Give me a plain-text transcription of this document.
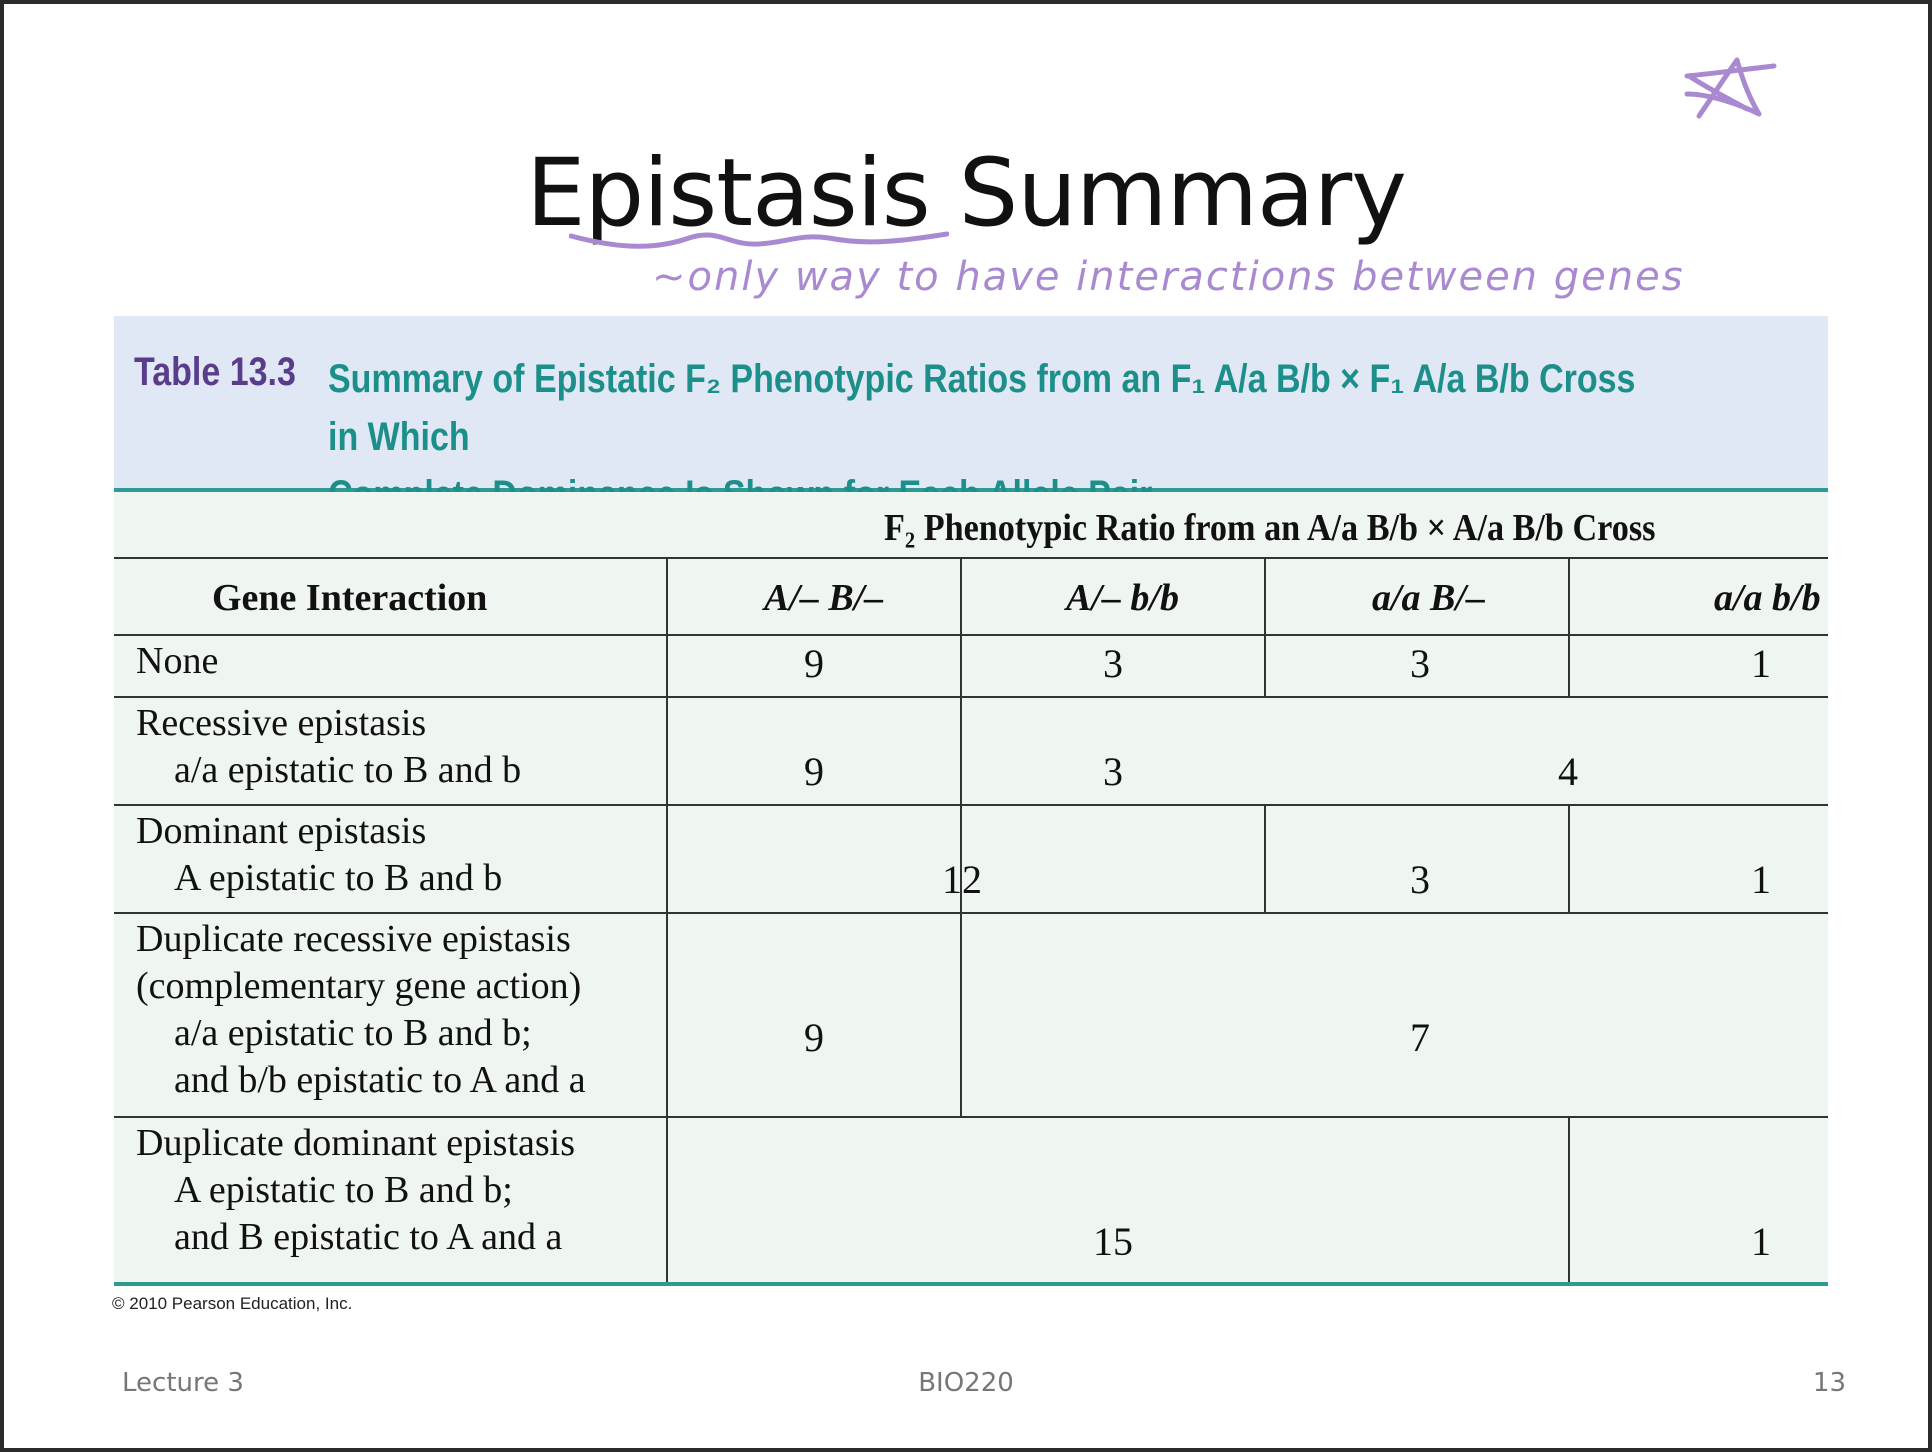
Epistasis Summary
~only way to have interactions between genes
Table 13.3 Summary of Epistatic F₂ Phenotypic Ratios from an F₁ A/a B/b × F₁ A/a B/b Cross in Which
F₂ Phenotypic Ratio from an A/a B/b × A/a B/b Cross
Gene Interaction	A/– B/–	A/– b/b	a/a B/–	a/a b/b
None	9	3	3	1
Recessive epistasis
a/a epistatic to B and b	9	3	4
Dominant epistasis
A epistatic to B and b	12	3	1
Duplicate recessive epistasis
(complementary gene action)
a/a epistatic to B and b;
and b/b epistatic to A and a
9	7
Duplicate dominant epistasis
A epistatic to B and b;
and B epistatic to A and a	15	1
© 2010 Pearson Education, Inc.
Lecture 3	BIO220	13
